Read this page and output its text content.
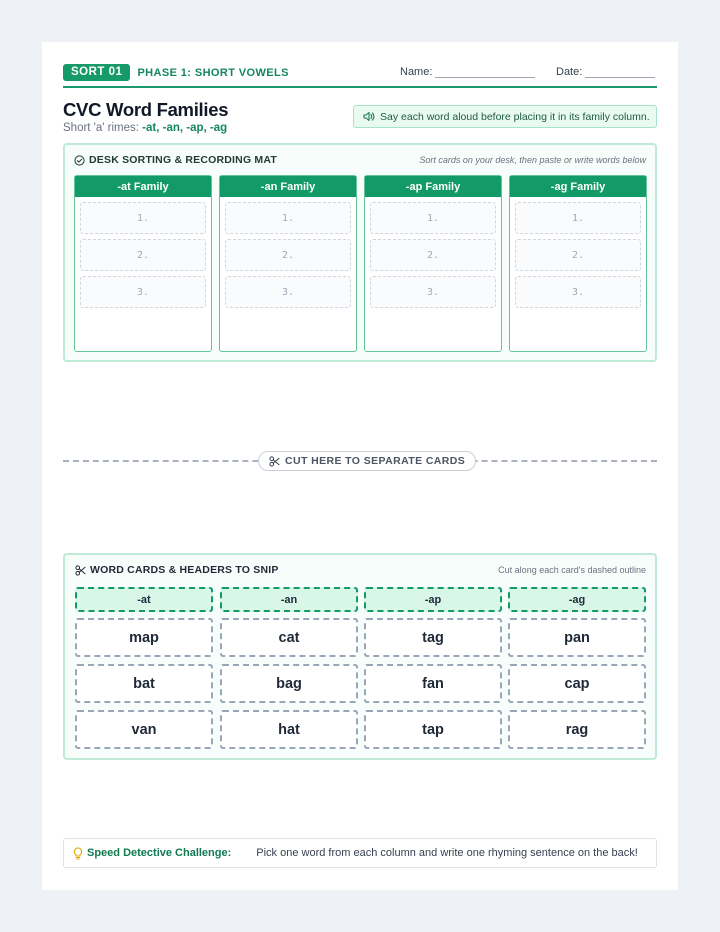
SORT 01	PHASE 1: SHORT VOWELS	Name:	Date:
CVC Word Families
Short 'a' rimes: -at, -an, -ap, -ag
Say each word aloud before placing it in its family column.
DESK SORTING & RECORDING MAT	Sort cards on your desk, then paste or write words below
-at Family
1.
2.
3.
-an Family
1.
2.
3.
-ap Family
1.
2.
3.
-ag Family
1.
2.
3.
CUT HERE TO SEPARATE CARDS
WORD CARDS & HEADERS TO SNIP	Cut along each card's dashed outline
-at	-an	-ap	-ag
map	cat	tag	pan
bat	bag	fan	cap
van	hat	tap	rag
Speed Detective Challenge: Pick one word from each column and write one rhyming sentence on the back!
